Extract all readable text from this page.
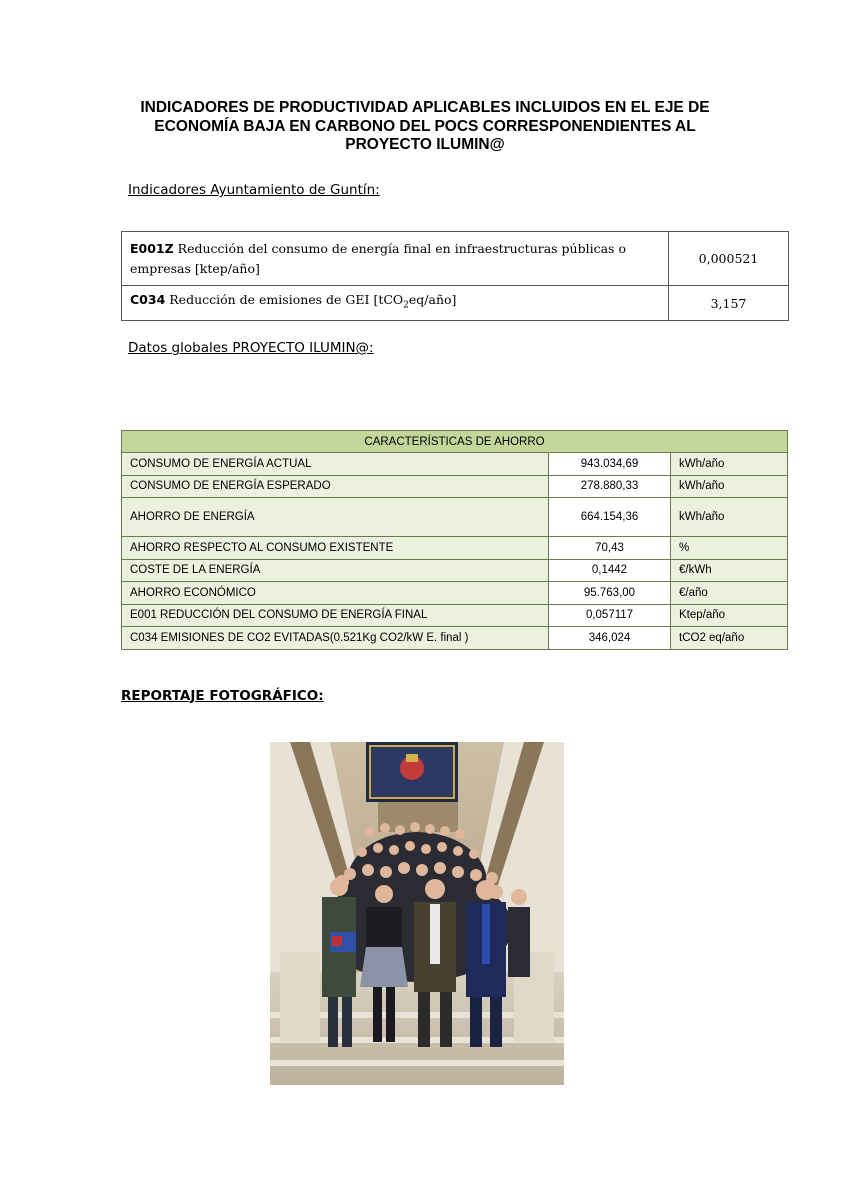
INDICADORES DE PRODUCTIVIDAD APLICABLES INCLUIDOS EN EL EJE DE
ECONOMÍA BAJA EN CARBONO DEL POCS CORRESPONENDIENTES AL
PROYECTO ILUMIN@
Indicadores Ayuntamiento de Guntín:
E001Z Reducción del consumo de energía final en infraestructuras públicas o empresas [ktep/año]	0,000521
C034 Reducción de emisiones de GEI [tCO$_2$eq/año]	3,157
Datos globales PROYECTO ILUMIN@:
CARACTERÍSTICAS DE AHORRO		
CONSUMO DE ENERGÍA ACTUAL	943.034,69	kWh/año
CONSUMO DE ENERGÍA ESPERADO	278.880,33	kWh/año
AHORRO DE ENERGÍA	664.154,36	kWh/año
AHORRO RESPECTO AL CONSUMO EXISTENTE	70,43	%
COSTE DE LA ENERGÍA	0,1442	€/kWh
AHORRO ECONÓMICO	95.763,00	€/año
E001 REDUCCIÓN DEL CONSUMO DE ENERGÍA FINAL	0,057117	Ktep/año
C034 EMISIONES DE CO2 EVITADAS(0.521Kg CO2/kW E. final )	346,024	tCO2 eq/año
REPORTAJE FOTOGRÁFICO:
